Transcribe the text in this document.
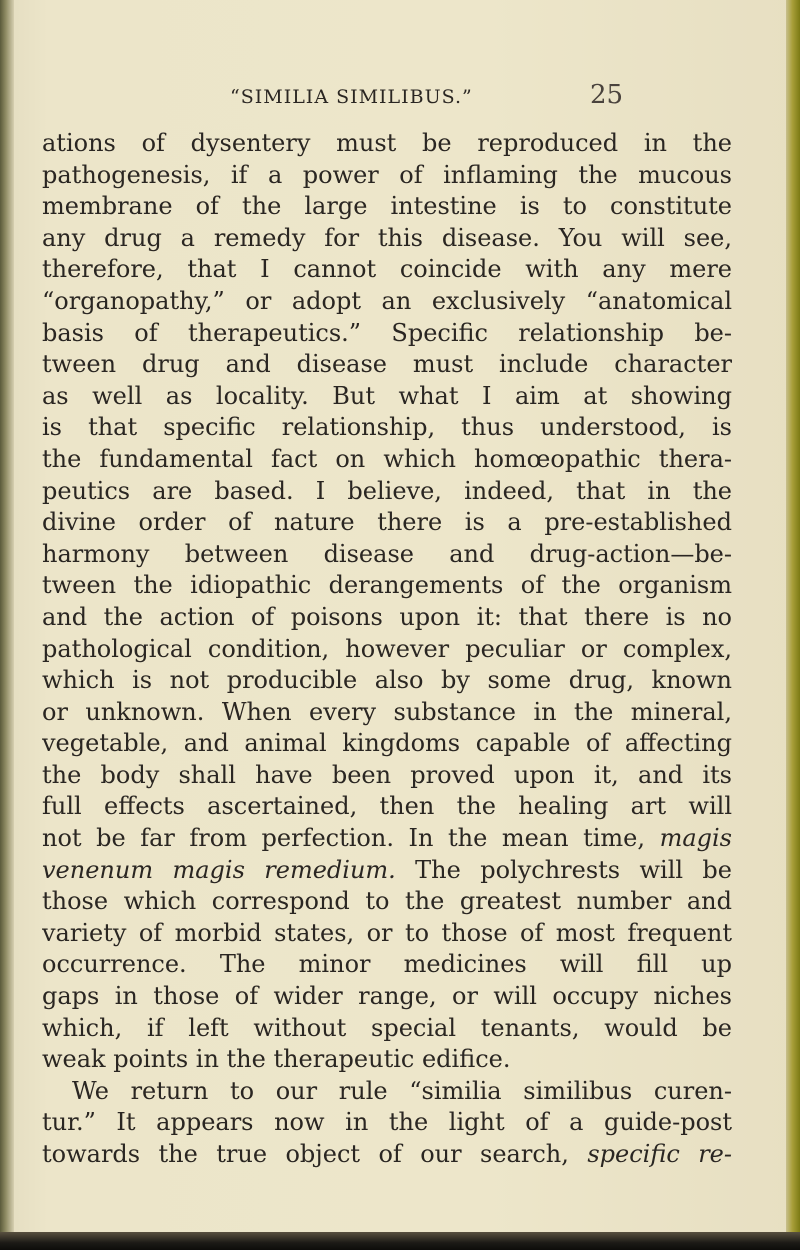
“SIMILIA SIMILIBUS.”	25
ations of dysentery must be reproduced in the
pathogenesis, if a power of inflaming the mucous
membrane of the large intestine is to constitute
any drug a remedy for this disease. You will see,
therefore, that I cannot coincide with any mere
“organopathy,” or adopt an exclusively “anatomical
basis of therapeutics.” Specific relationship be-
tween drug and disease must include character
as well as locality. But what I aim at showing
is that specific relationship, thus understood, is
the fundamental fact on which homœopathic thera-
peutics are based. I believe, indeed, that in the
divine order of nature there is a pre-established
harmony between disease and drug-action—be-
tween the idiopathic derangements of the organism
and the action of poisons upon it: that there is no
pathological condition, however peculiar or complex,
which is not producible also by some drug, known
or unknown. When every substance in the mineral,
vegetable, and animal kingdoms capable of affecting
the body shall have been proved upon it, and its
full effects ascertained, then the healing art will
not be far from perfection. In the mean time, magis
venenum magis remedium. The polychrests will be
those which correspond to the greatest number and
variety of morbid states, or to those of most frequent
occurrence. The minor medicines will fill up
gaps in those of wider range, or will occupy niches
which, if left without special tenants, would be
weak points in the therapeutic edifice.
We return to our rule “similia similibus curen-
tur.” It appears now in the light of a guide-post
towards the true object of our search, specific re-
